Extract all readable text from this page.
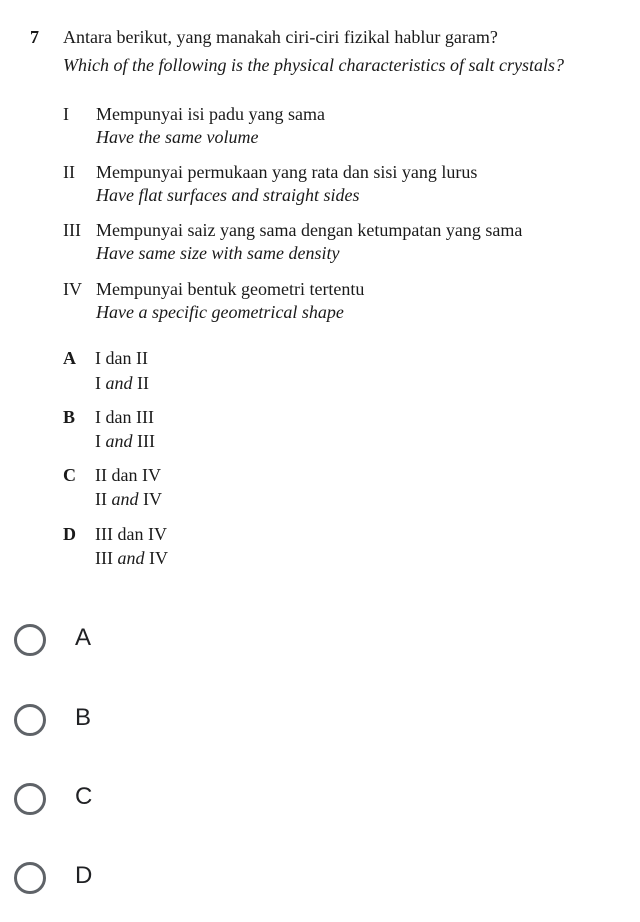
7 Antara berikut, yang manakah ciri-ciri fizikal hablur garam?
Which of the following is the physical characteristics of salt crystals?
I Mempunyai isi padu yang sama
Have the same volume
II Mempunyai permukaan yang rata dan sisi yang lurus
Have flat surfaces and straight sides
III Mempunyai saiz yang sama dengan ketumpatan yang sama
Have same size with same density
IV Mempunyai bentuk geometri tertentu
Have a specific geometrical shape
A I dan II
I and II
B I dan III
I and III
C II dan IV
II and IV
D III dan IV
III and IV
A
B
C
D
